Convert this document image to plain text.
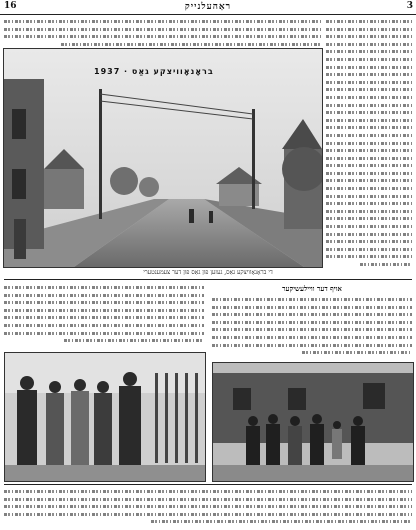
16	ראַהעלנייק	3
בראָנאָוויצקע גאַס · 1937
די בראָנאָוויצקע גאַס, געזען פון גאַס פון דער צעמענטערי
אויף דער וויילעשיקער
